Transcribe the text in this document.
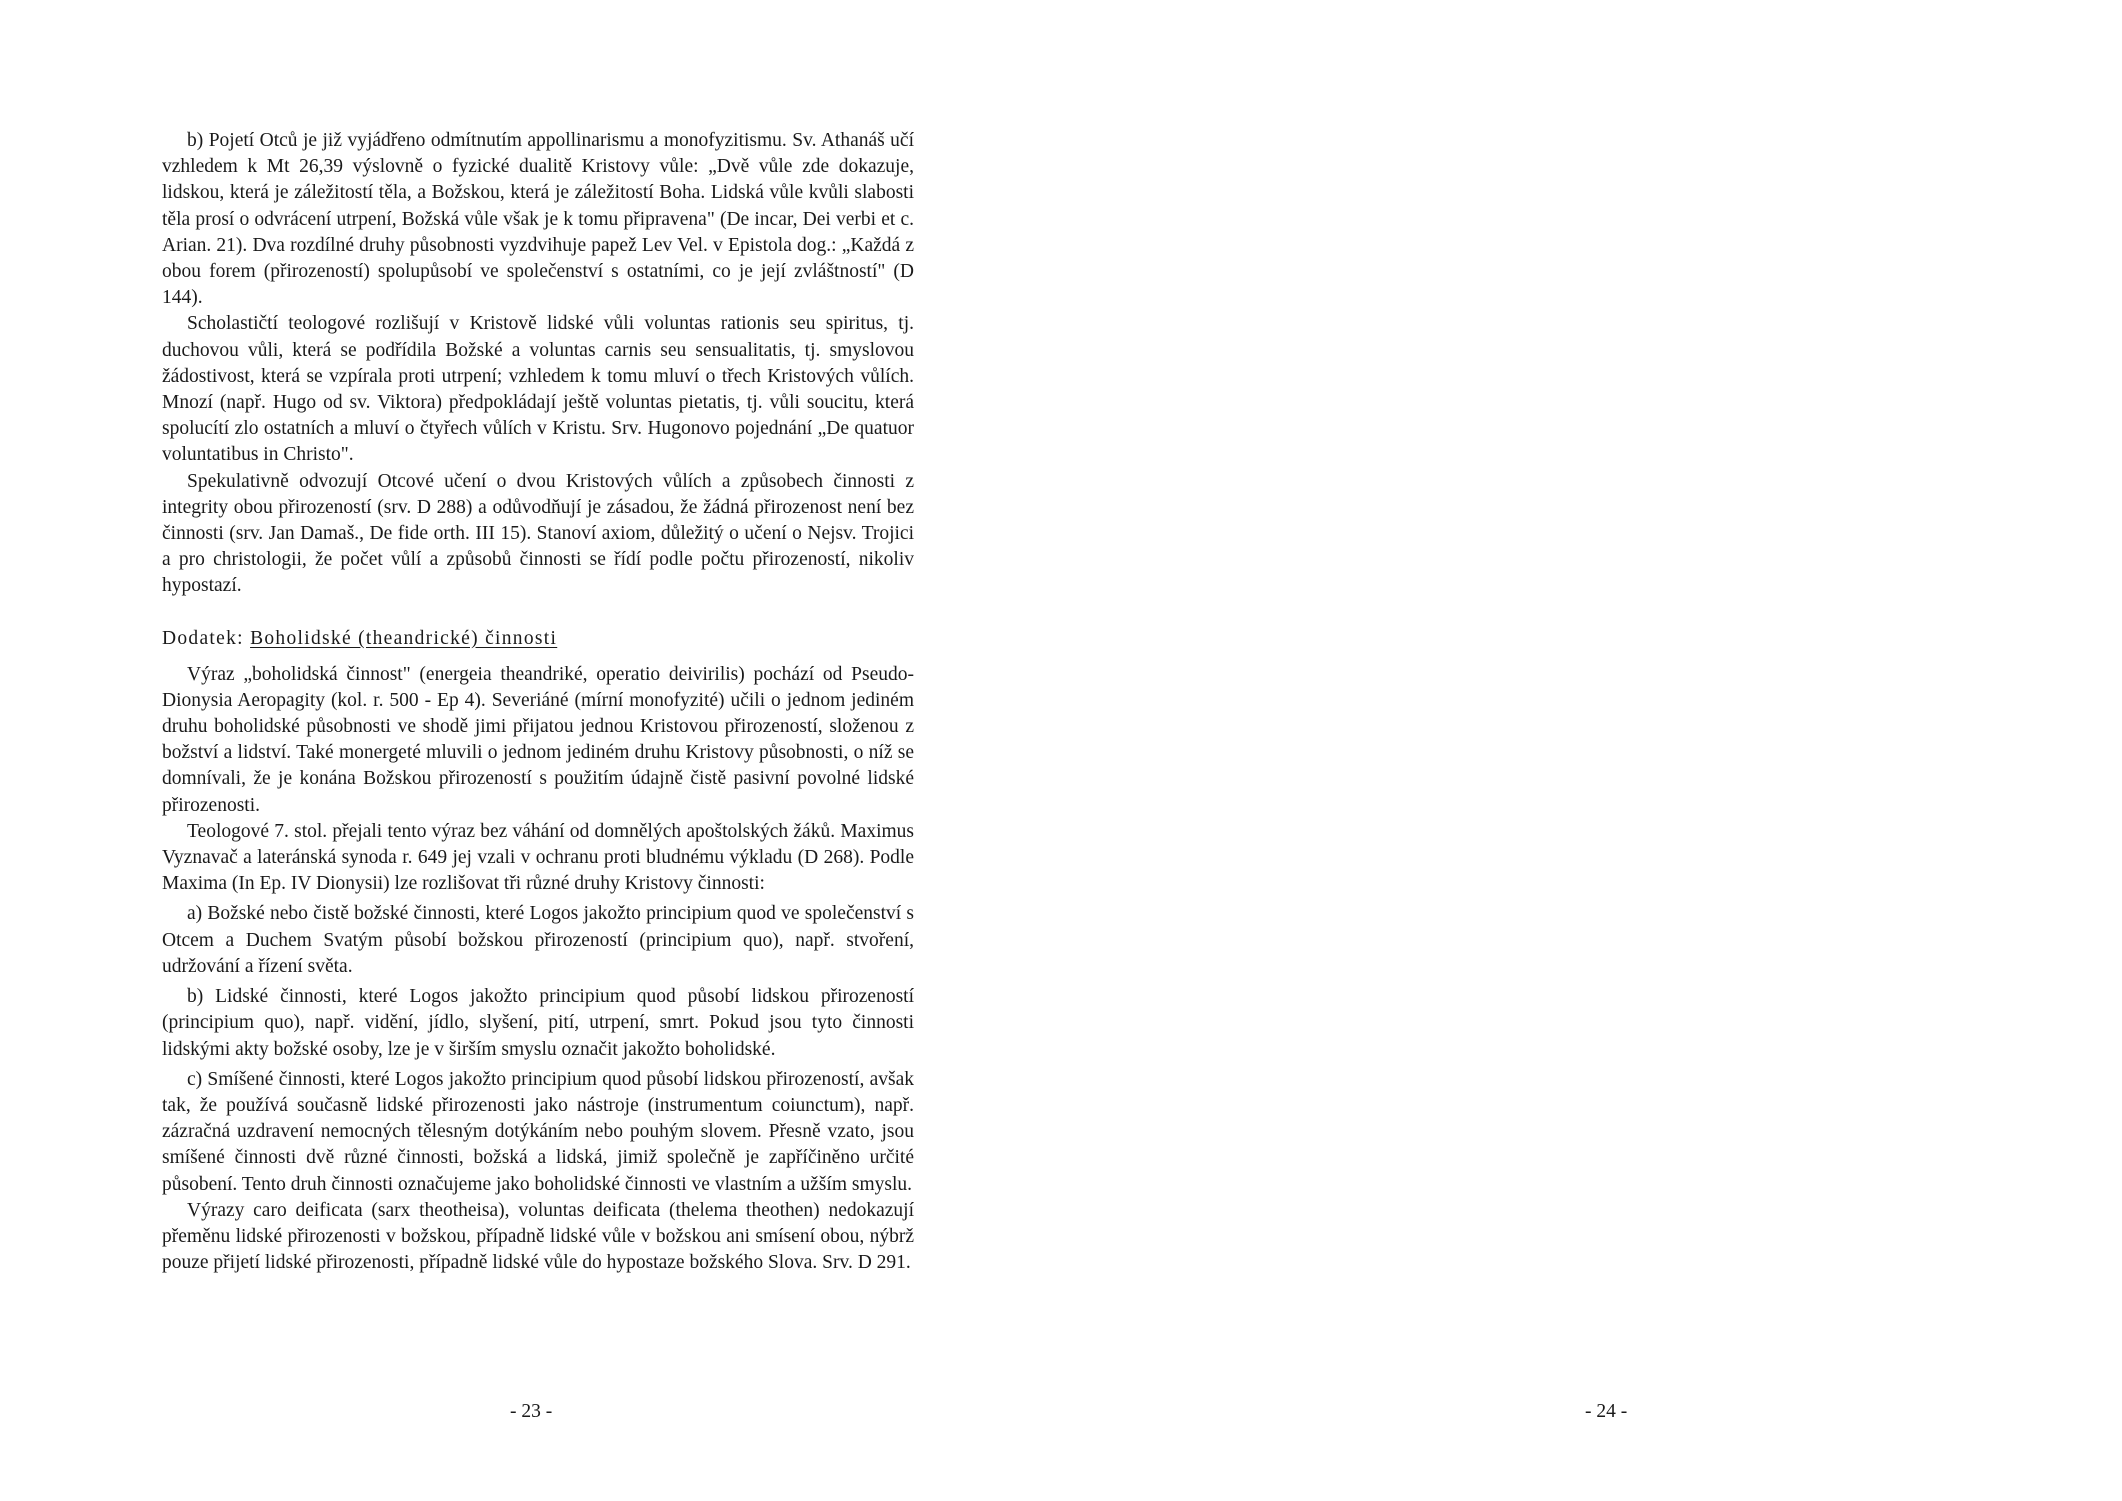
b) Pojetí Otců je již vyjádřeno odmítnutím appollinarismu a monofyzitismu. Sv. Athanáš učí vzhledem k Mt 26,39 výslovně o fyzické dualitě Kristovy vůle: „Dvě vůle zde dokazuje, lidskou, která je záležitostí těla, a Božskou, která je záležitostí Boha. Lidská vůle kvůli slabosti těla prosí o odvrácení utrpení, Božská vůle však je k tomu připravena" (De incar, Dei verbi et c. Arian. 21). Dva rozdílné druhy působnosti vyzdvihuje papež Lev Vel. v Epistola dog.: „Každá z obou forem (přirozeností) spolupůsobí ve společenství s ostatními, co je její zvláštností" (D 144).

Scholastičtí teologové rozlišují v Kristově lidské vůli voluntas rationis seu spiritus, tj. duchovou vůli, která se podřídila Božské a voluntas carnis seu sensualitatis, tj. smyslovou žádostivost, která se vzpírala proti utrpení; vzhledem k tomu mluví o třech Kristových vůlích. Mnozí (např. Hugo od sv. Viktora) předpokládají ještě voluntas pietatis, tj. vůli soucitu, která spolucítí zlo ostatních a mluví o čtyřech vůlích v Kristu. Srv. Hugonovo pojednání „De quatuor voluntatibus in Christo".

Spekulativně odvozují Otcové učení o dvou Kristových vůlích a způsobech činnosti z integrity obou přirozeností (srv. D 288) a odůvodňují je zásadou, že žádná přirozenost není bez činnosti (srv. Jan Damaš., De fide orth. III 15). Stanoví axiom, důležitý o učení o Nejsv. Trojici a pro christologii, že počet vůlí a způsobů činnosti se řídí podle počtu přirozeností, nikoliv hypostazí.

Dodatek: Boholidské (theandrické) činnosti

Výraz „boholidská činnost" (energeia theandriké, operatio deivirilis) pochází od Pseudo-Dionysia Aeropagity (kol. r. 500 - Ep 4). Severiáné (mírní monofyzité) učili o jednom jediném druhu boholidské působnosti ve shodě jimi přijatou jednou Kristovou přirozeností, složenou z božství a lidství. Také monergeté mluvili o jednom jediném druhu Kristovy působnosti, o níž se domnívali, že je konána Božskou přirozeností s použitím údajně čistě pasivní povolné lidské přirozenosti.

Teologové 7. stol. přejali tento výraz bez váhání od domnělých apoštolských žáků. Maximus Vyznavač a lateránská synoda r. 649 jej vzali v ochranu proti bludnému výkladu (D 268). Podle Maxima (In Ep. IV Dionysii) lze rozlišovat tři různé druhy Kristovy činnosti:

a) Božské nebo čistě božské činnosti, které Logos jakožto principium quod ve společenství s Otcem a Duchem Svatým působí božskou přirozeností (principium quo), např. stvoření, udržování a řízení světa.

b) Lidské činnosti, které Logos jakožto principium quod působí lidskou přirozeností (principium quo), např. vidění, jídlo, slyšení, pití, utrpení, smrt. Pokud jsou tyto činnosti lidskými akty božské osoby, lze je v širším smyslu označit jakožto boholidské.

c) Smíšené činnosti, které Logos jakožto principium quod působí lidskou přirozeností, avšak tak, že používá současně lidské přirozenosti jako nástroje (instrumentum coiunctum), např. zázračná uzdravení nemocných tělesným dotýkáním nebo pouhým slovem. Přesně vzato, jsou smíšené činnosti dvě různé činnosti, božská a lidská, jimiž společně je zapříčiněno určité působení. Tento druh činnosti označujeme jako boholidské činnosti ve vlastním a užším smyslu.

Výrazy caro deificata (sarx theotheisa), voluntas deificata (thelema theothen) nedokazují přeměnu lidské přirozenosti v božskou, případně lidské vůle v božskou ani smísení obou, nýbrž pouze přijetí lidské přirozenosti, případně lidské vůle do hypostaze božského Slova. Srv. D 291.

- 23 -	- 24 -
